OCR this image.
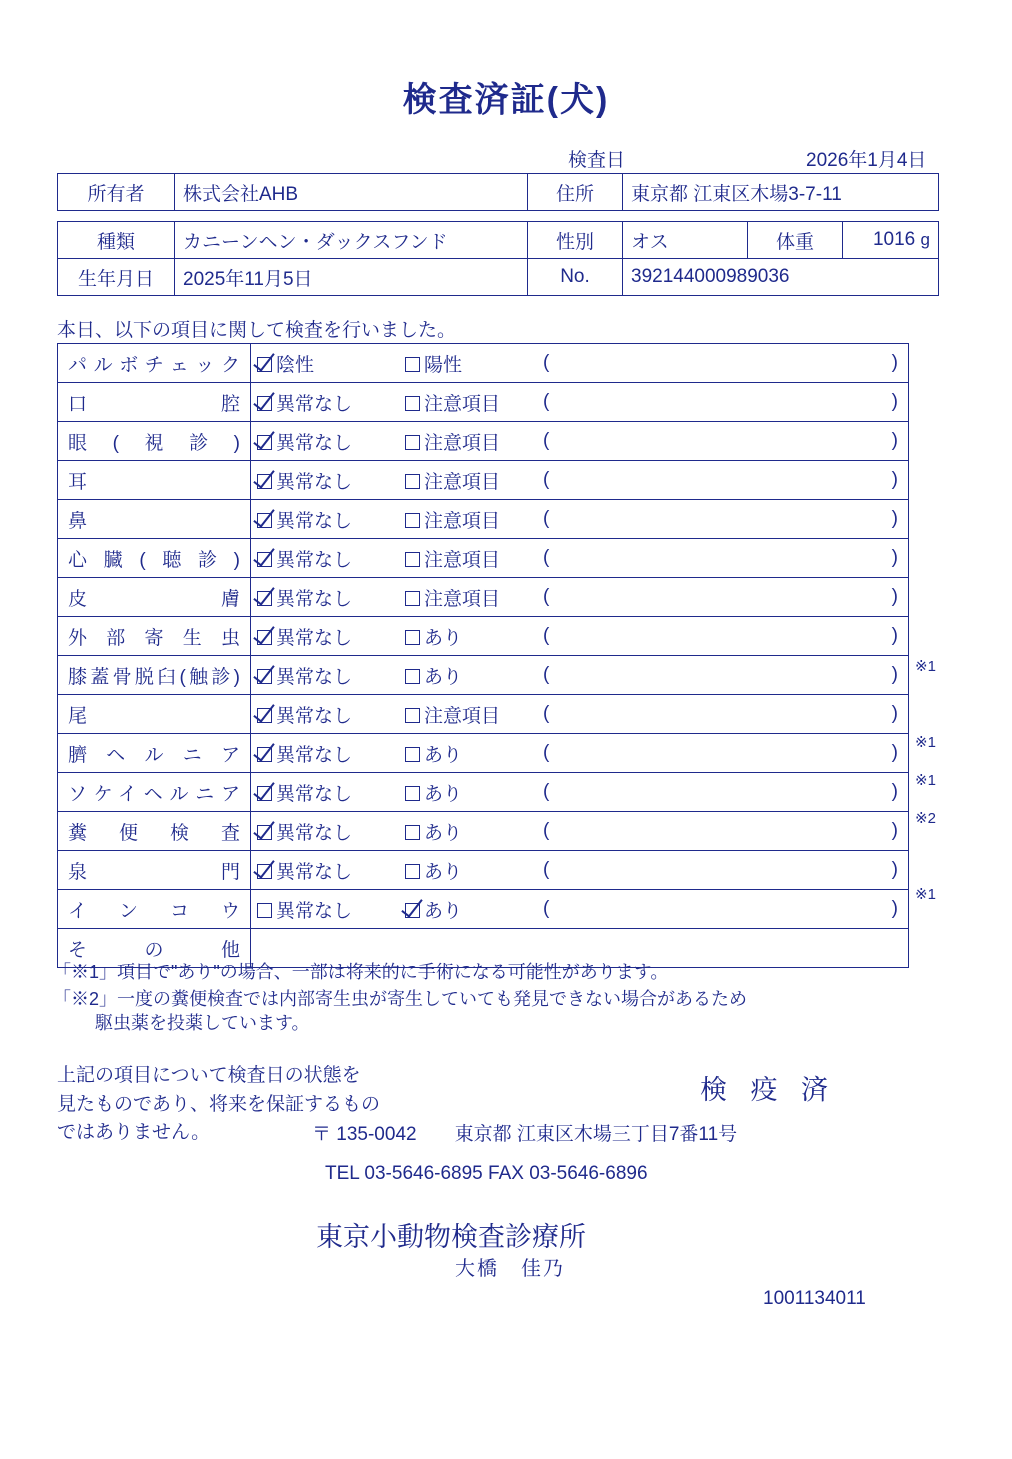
検査済証(犬)
検査日	2026年1月4日
所有者	株式会社AHB	住所	東京都 江東区木場3-7-11
種類	カニーンヘン・ダックスフンド	性別	オス	体重	1016 g
生年月日	2025年11月5日	No.	392144000989036		
本日、以下の項目に関して検査を行いました。
パルボチェック	陰性	陽性	( )

口腔	異常なし	注意項目	( )

眼(視診)	異常なし	注意項目	( )

耳	異常なし	注意項目	( )

鼻	異常なし	注意項目	( )

心臓(聴診)	異常なし	注意項目	( )

皮膚	異常なし	注意項目	( )

外部寄生虫	異常なし	あり	( )

膝蓋骨脱臼(触診)	異常なし	あり	( )

尾	異常なし	注意項目	( )

臍ヘルニア	異常なし	あり	( )

ソケイヘルニア	異常なし	あり	( )

糞便検査	異常なし	あり	( )

泉門	異常なし	あり	( )

インコウ	異常なし	あり	( )

その他			
「※1」項目で"あり"の場合、一部は将来的に手術になる可能性があります。
「※2」一度の糞便検査では内部寄生虫が寄生していても発見できない場合があるため
駆虫薬を投薬しています。
上記の項目について検査日の状態を
見たものであり、将来を保証するもの
ではありません。
検 疫 済
〒 135-0042　　東京都 江東区木場三丁目7番11号
TEL 03-5646-6895 FAX 03-5646-6896
東京小動物検査診療所
大橋　佳乃
1001134011
※1
※1
※1
※2
※1
